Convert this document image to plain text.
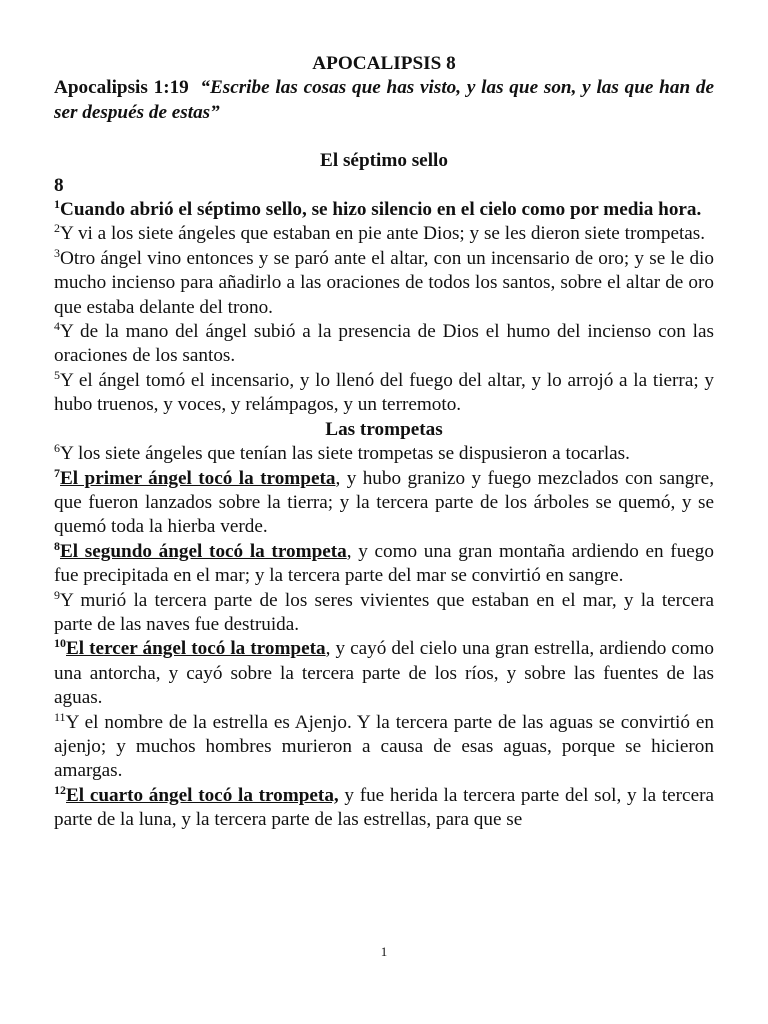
APOCALIPSIS 8

Apocalipsis 1:19 “Escribe las cosas que has visto, y las que son, y las que han de ser después de estas”

El séptimo sello

8

$^1$Cuando abrió el séptimo sello, se hizo silencio en el cielo como por media hora.

$^2$Y vi a los siete ángeles que estaban en pie ante Dios; y se les dieron siete trompetas.

$^3$Otro ángel vino entonces y se paró ante el altar, con un incensario de oro; y se le dio mucho incienso para añadirlo a las oraciones de todos los santos, sobre el altar de oro que estaba delante del trono.

$^4$Y de la mano del ángel subió a la presencia de Dios el humo del incienso con las oraciones de los santos.

$^5$Y el ángel tomó el incensario, y lo llenó del fuego del altar, y lo arrojó a la tierra; y hubo truenos, y voces, y relámpagos, y un terremoto.

Las trompetas

$^6$Y los siete ángeles que tenían las siete trompetas se dispusieron a tocarlas.

$^7$El primer ángel tocó la trompeta, y hubo granizo y fuego mezclados con sangre, que fueron lanzados sobre la tierra; y la tercera parte de los árboles se quemó, y se quemó toda la hierba verde.

$^8$El segundo ángel tocó la trompeta, y como una gran montaña ardiendo en fuego fue precipitada en el mar; y la tercera parte del mar se convirtió en sangre.

$^9$Y murió la tercera parte de los seres vivientes que estaban en el mar, y la tercera parte de las naves fue destruida.

$^{10}$El tercer ángel tocó la trompeta, y cayó del cielo una gran estrella, ardiendo como una antorcha, y cayó sobre la tercera parte de los ríos, y sobre las fuentes de las aguas.

$^{11}$Y el nombre de la estrella es Ajenjo. Y la tercera parte de las aguas se convirtió en ajenjo; y muchos hombres murieron a causa de esas aguas, porque se hicieron amargas.

$^{12}$El cuarto ángel tocó la trompeta, y fue herida la tercera parte del sol, y la tercera parte de la luna, y la tercera parte de las estrellas, para que se

1
